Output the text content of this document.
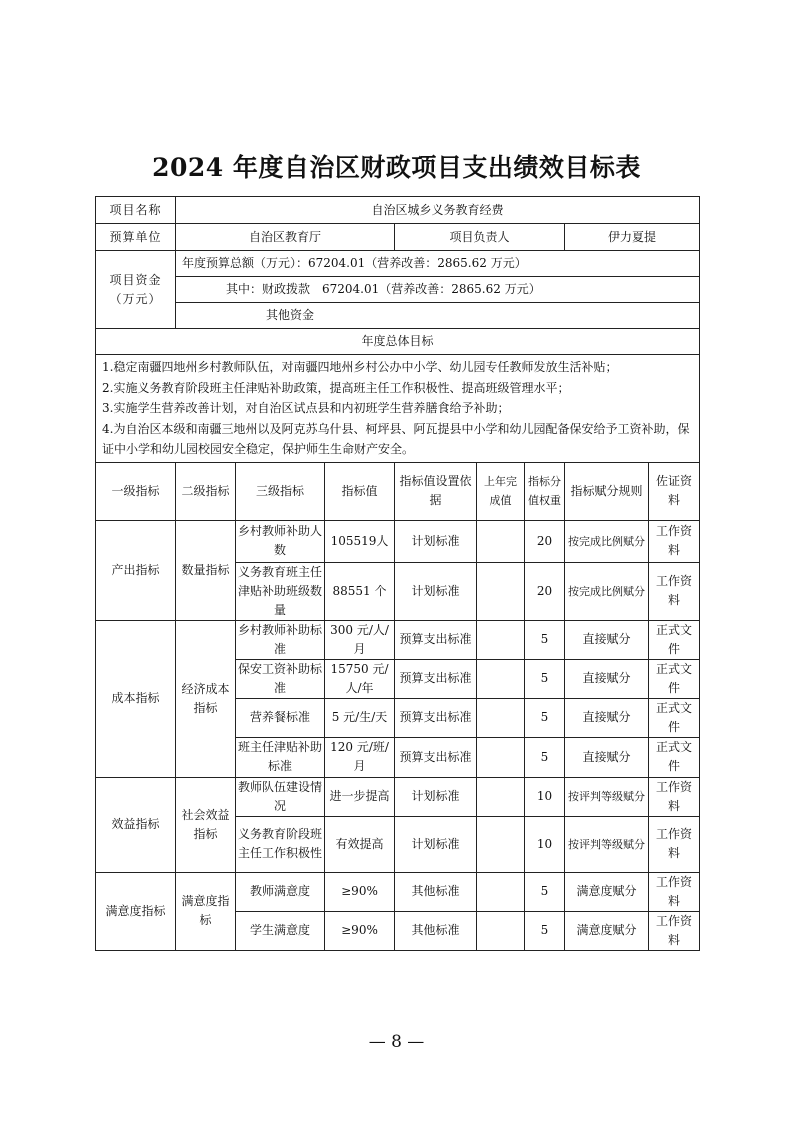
2024 年度自治区财政项目支出绩效目标表
项目名称	自治区城乡义务教育经费							
预算单位	自治区教育厅			项目负责人			伊力夏提	

项目资金
（万元）	年度预算总额（万元）：67204.01（营养改善：2865.62 万元）							
	其中：财政拨款　67204.01（营养改善：2865.62 万元）							
	其他资金							
年度总体目标								

1.稳定南疆四地州乡村教师队伍，对南疆四地州乡村公办中小学、幼儿园专任教师发放生活补贴；
2.实施义务教育阶段班主任津贴补助政策，提高班主任工作积极性、提高班级管理水平；
3.实施学生营养改善计划，对自治区试点县和内初班学生营养膳食给予补助；
4.为自治区本级和南疆三地州以及阿克苏乌什县、柯坪县、阿瓦提县中小学和幼儿园配备保安给予工资补助，保证中小学和幼儿园校园安全稳定，保护师生生命财产安全。								

一级指标	二级指标	三级指标	指标值	指标值设置依据	上年完成值	指标分值权重	指标赋分规则	佐证资料
产出指标	数量指标	乡村教师补助人数	105519人	计划标准		20	按完成比例赋分	工作资料
		义务教育班主任津贴补助班级数量	88551 个	计划标准		20	按完成比例赋分	工作资料
成本指标	经济成本指标	乡村教师补助标准	300 元/人/月	预算支出标准		5	直接赋分	正式文件
		保安工资补助标准	15750 元/人/年	预算支出标准		5	直接赋分	正式文件
		营养餐标准	5 元/生/天	预算支出标准		5	直接赋分	正式文件
		班主任津贴补助标准	120 元/班/月	预算支出标准		5	直接赋分	正式文件
效益指标	社会效益指标	教师队伍建设情况	进一步提高	计划标准		10	按评判等级赋分	工作资料
		义务教育阶段班主任工作积极性	有效提高	计划标准		10	按评判等级赋分	工作资料
满意度指标	满意度指标	教师满意度	≥90%	其他标准		5	满意度赋分	工作资料
		学生满意度	≥90%	其他标准		5	满意度赋分	工作资料
— 8 —
